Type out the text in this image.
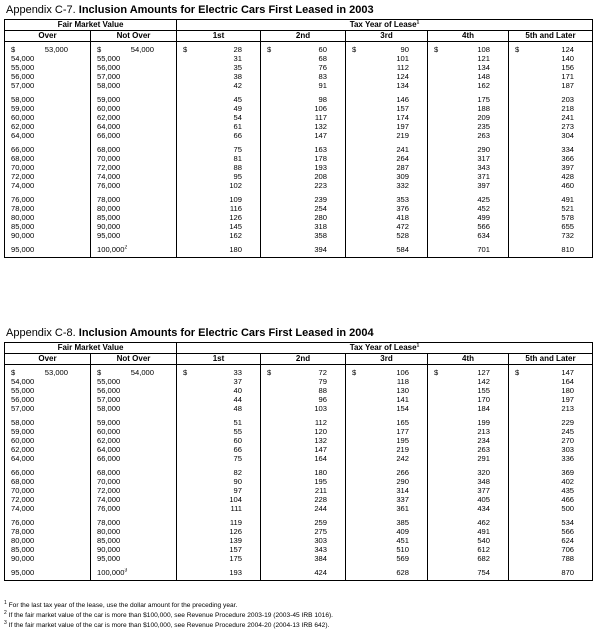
Appendix C-7. Inclusion Amounts for Electric Cars First Leased in 2003
Fair Market Value		Tax Year of Lease$^1$
Over	Not Over	1st	2nd	3rd	4th	5th and Later

$ 53,000	$ 54,000	$ 28	$ 60	$ 90	$ 108	$ 124

54,000	55,000	31	68	101	121	140

55,000	56,000	35	76	112	134	156

56,000	57,000	38	83	124	148	171

57,000	58,000	42	91	134	162	187

58,000	59,000	45	98	146	175	203

59,000	60,000	49	106	157	188	218

60,000	62,000	54	117	174	209	241

62,000	64,000	61	132	197	235	273

64,000	66,000	66	147	219	263	304

66,000	68,000	75	163	241	290	334

68,000	70,000	81	178	264	317	366

70,000	72,000	88	193	287	343	397

72,000	74,000	95	208	309	371	428

74,000	76,000	102	223	332	397	460

76,000	78,000	109	239	353	425	491

78,000	80,000	116	254	376	452	521

80,000	85,000	126	280	418	499	578

85,000	90,000	145	318	472	566	655

90,000	95,000	162	358	528	634	732

95,000	100,000$^2$	180	394	584	701	810
Appendix C-8. Inclusion Amounts for Electric Cars First Leased in 2004
Fair Market Value		Tax Year of Lease$^1$
Over	Not Over	1st	2nd	3rd	4th	5th and Later

$ 53,000	$ 54,000	$ 33	$ 72	$ 106	$ 127	$ 147

54,000	55,000	37	79	118	142	164

55,000	56,000	40	88	130	155	180

56,000	57,000	44	96	141	170	197

57,000	58,000	48	103	154	184	213

58,000	59,000	51	112	165	199	229

59,000	60,000	55	120	177	213	245

60,000	62,000	60	132	195	234	270

62,000	64,000	66	147	219	263	303

64,000	66,000	75	164	242	291	336

66,000	68,000	82	180	266	320	369

68,000	70,000	90	195	290	348	402

70,000	72,000	97	211	314	377	435

72,000	74,000	104	228	337	405	466

74,000	76,000	111	244	361	434	500

76,000	78,000	119	259	385	462	534

78,000	80,000	126	275	409	491	566

80,000	85,000	139	303	451	540	624

85,000	90,000	157	343	510	612	706

90,000	95,000	175	384	569	682	788

95,000	100,000$^3$	193	424	628	754	870
$^1$ For the last tax year of the lease, use the dollar amount for the preceding year.
$^2$ If the fair market value of the car is more than $100,000, see Revenue Procedure 2003-19 (2003-45 IRB 1016).
$^3$ If the fair market value of the car is more than $100,000, see Revenue Procedure 2004-20 (2004-13 IRB 642).
